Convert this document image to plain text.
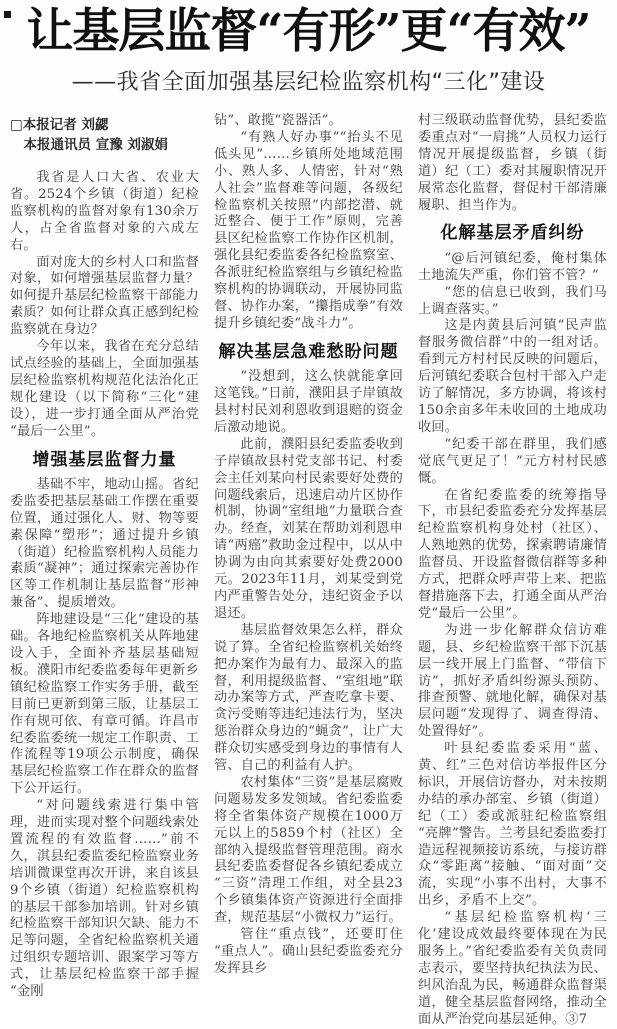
让基层监督“有形”更“有效”
——我省全面加强基层纪检监察机构“三化”建设
□本报记者 刘勰
本报通讯员 宣豫 刘淑娟

我省是人口大省、农业大省。2524个乡镇（街道）纪检监察机构的监督对象有130余万人，占全省监督对象的六成左右。

面对庞大的乡村人口和监督对象，如何增强基层监督力量？如何提升基层纪检监察干部能力素质？如何让群众真正感到纪检监察就在身边？

今年以来，我省在充分总结试点经验的基础上，全面加强基层纪检监察机构规范化法治化正规化建设（以下简称“三化”建设），进一步打通全面从严治党“最后一公里”。

增强基层监督力量

基础不牢，地动山摇。省纪委监委把基层基础工作摆在重要位置，通过强化人、财、物等要素保障“塑形”；通过提升乡镇（街道）纪检监察机构人员能力素质“凝神”；通过探索完善协作区等工作机制让基层监督“形神兼备”、提质增效。

阵地建设是“三化”建设的基础。各地纪检监察机关从阵地建设入手，全面补齐基层基础短板。濮阳市纪委监委每年更新乡镇纪检监察工作实务手册，截至目前已更新到第三版，让基层工作有规可依、有章可循。许昌市纪委监委统一规定工作职责、工作流程等19项公示制度，确保基层纪检监察工作在群众的监督下公开运行。

“对问题线索进行集中管理，进而实现对整个问题线索处置流程的有效监督……”前不久，淇县纪委监委纪检监察业务培训微课堂再次开讲，来自该县9个乡镇（街道）纪检监察机构的基层干部参加培训。针对乡镇纪检监察干部知识欠缺、能力不足等问题，全省纪检监察机关通过组织专题培训、跟案学习等方式，让基层纪检监察干部手握“金刚

钻”、敢揽“瓷器活”。

“有熟人好办事”“抬头不见低头见”……乡镇所处地域范围小、熟人多、人情密，针对“熟人社会”监督难等问题，各级纪检监察机关按照“内部挖潜、就近整合、便于工作”原则，完善县区纪检监察工作协作区机制，强化县纪委监委各纪检监察室、各派驻纪检监察组与乡镇纪检监察机构的协调联动，开展协同监督、协作办案，“攥指成拳”有效提升乡镇纪委“战斗力”。

解决基层急难愁盼问题

“没想到，这么快就能拿回这笔钱。”日前，濮阳县子岸镇故县村村民刘利恩收到退赔的资金后激动地说。

此前，濮阳县纪委监委收到子岸镇故县村党支部书记、村委会主任刘某向村民索要好处费的问题线索后，迅速启动片区协作机制，协调“室组地”力量联合查办。经查，刘某在帮助刘利恩申请“两癌”救助金过程中，以从中协调为由向其索要好处费2000元。2023年11月，刘某受到党内严重警告处分，违纪资金予以退还。

基层监督效果怎么样，群众说了算。全省纪检监察机关始终把办案作为最有力、最深入的监督，利用提级监督、“室组地”联动办案等方式，严查吃拿卡要、贪污受贿等违纪违法行为，坚决惩治群众身边的“蝇贪”，让广大群众切实感受到身边的事情有人管、自己的利益有人护。

农村集体“三资”是基层腐败问题易发多发领域。省纪委监委将全省集体资产规模在1000万元以上的5859个村（社区）全部纳入提级监督管理范围。商水县纪委监委督促各乡镇纪委成立“三资”清理工作组，对全县23个乡镇集体资产资源进行全面排查，规范基层“小微权力”运行。

管住“重点钱”，还要盯住“重点人”。确山县纪委监委充分发挥县乡

村三级联动监督优势，县纪委监委重点对“一肩挑”人员权力运行情况开展提级监督，乡镇（街道）纪（工）委对其履职情况开展常态化监督，督促村干部清廉履职、担当作为。

化解基层矛盾纠纷

“@后河镇纪委，俺村集体土地流失严重，你们管不管？”

“您的信息已收到，我们马上调查落实。”

这是内黄县后河镇“民声监督服务微信群”中的一组对话。看到元方村村民反映的问题后，后河镇纪委联合包村干部入户走访了解情况，多方协调，将该村150余亩多年未收回的土地成功收回。

“纪委干部在群里，我们感觉底气更足了！”元方村村民感慨。

在省纪委监委的统筹指导下，市县纪委监委充分发挥基层纪检监察机构身处村（社区）、人熟地熟的优势，探索聘请廉情监督员、开设监督微信群等多种方式，把群众呼声带上来、把监督措施落下去，打通全面从严治党“最后一公里”。

为进一步化解群众信访难题，县、乡纪检监察干部下沉基层一线开展上门监督、“带信下访”，抓好矛盾纠纷源头预防、排查预警、就地化解，确保对基层问题“发现得了、调查得清、处置得好”。

叶县纪委监委采用“蓝、黄、红”三色对信访举报件区分标识，开展信访督办，对未按期办结的承办部室、乡镇（街道）纪（工）委或派驻纪检监察组“亮牌”警告。兰考县纪委监委打造远程视频接访系统，与接访群众“零距离”接触、“面对面”交流，实现“小事不出村，大事不出乡，矛盾不上交”。

“基层纪检监察机构‘三化’建设成效最终要体现在为民服务上。”省纪委监委有关负责同志表示，要坚持执纪执法为民、纠风治乱为民，畅通群众监督渠道，健全基层监督网络，推动全面从严治党向基层延伸。③7
